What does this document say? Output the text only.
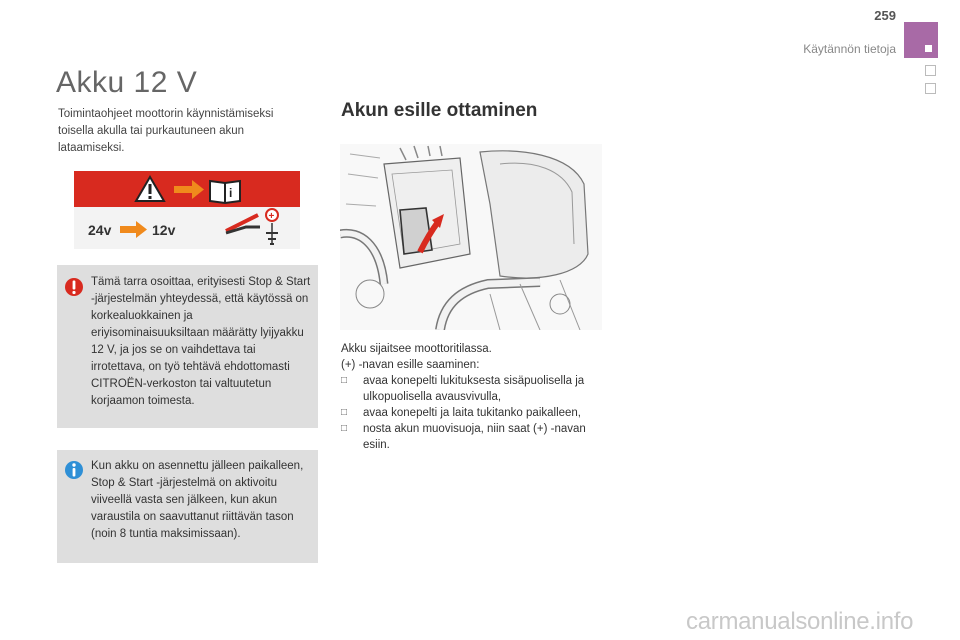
259
Käytännön tietoja
Akku 12 V
Toimintaohjeet moottorin käynnistämiseksi toisella akulla tai purkautuneen akun lataamiseksi.
i
24v	12v
+
Tämä tarra osoittaa, erityisesti Stop & Start -järjestelmän yhteydessä, että käytössä on korkealuokkainen ja eriyisominaisuuksiltaan määrätty lyijyakku 12 V, ja jos se on vaihdettava tai irrotettava, on työ tehtävä ehdottomasti CITROËN-verkoston tai valtuutetun korjaamon toimesta.
Kun akku on asennettu jälleen paikalleen, Stop & Start -järjestelmä on aktivoitu viiveellä vasta sen jälkeen, kun akun varaustila on saavuttanut riittävän tason (noin 8 tuntia maksimissaan).
Akun esille ottaminen
Akku sijaitsee moottoritilassa.
(+) -navan esille saaminen:
□	avaa konepelti lukituksesta sisäpuolisella ja ulkopuolisella avausvivulla,
□	avaa konepelti ja laita tukitanko paikalleen,
□	nosta akun muovisuoja, niin saat (+) -navan esiin.
carmanualsonline.info
